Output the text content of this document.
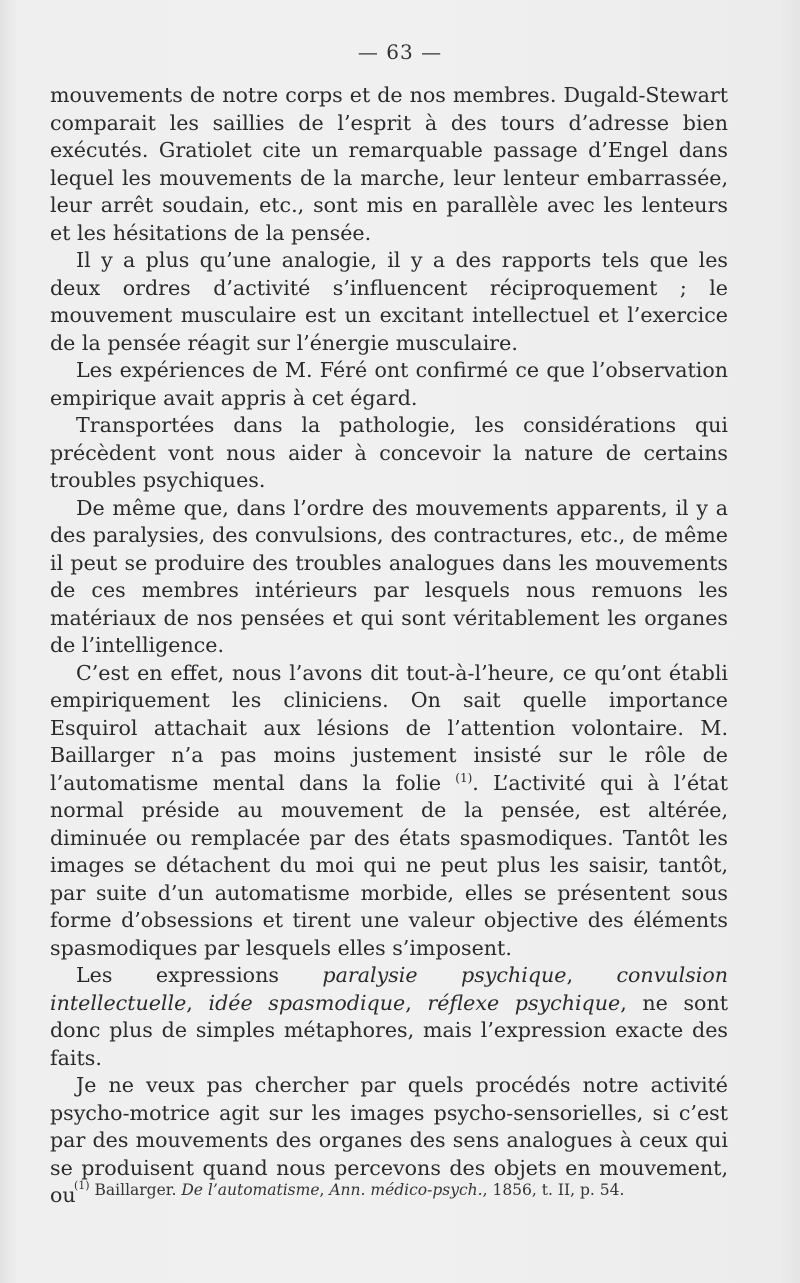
— 63 —

mouvements de notre corps et de nos membres. Dugald-Stewart comparait les saillies de l’esprit à des tours d’adresse bien exécutés. Gratiolet cite un remarquable passage d’Engel dans lequel les mouvements de la marche, leur lenteur embarrassée, leur arrêt soudain, etc., sont mis en parallèle avec les lenteurs et les hésitations de la pensée.

Il y a plus qu’une analogie, il y a des rapports tels que les deux ordres d’activité s’influencent réciproquement ; le mouvement musculaire est un excitant intellectuel et l’exercice de la pensée réagit sur l’énergie musculaire.

Les expériences de M. Féré ont confirmé ce que l’observation empirique avait appris à cet égard.

Transportées dans la pathologie, les considérations qui précèdent vont nous aider à concevoir la nature de certains troubles psychiques.

De même que, dans l’ordre des mouvements apparents, il y a des paralysies, des convulsions, des contractures, etc., de même il peut se produire des troubles analogues dans les mouvements de ces membres intérieurs par lesquels nous remuons les matériaux de nos pensées et qui sont véritablement les organes de l’intelligence.

C’est en effet, nous l’avons dit tout-à-l’heure, ce qu’ont établi empiriquement les cliniciens. On sait quelle importance Esquirol attachait aux lésions de l’attention volontaire. M. Baillarger n’a pas moins justement insisté sur le rôle de l’automatisme mental dans la folie $^{(1)}$. L’activité qui à l’état normal préside au mouvement de la pensée, est altérée, diminuée ou remplacée par des états spasmodiques. Tantôt les images se détachent du moi qui ne peut plus les saisir, tantôt, par suite d’un automatisme morbide, elles se présentent sous forme d’obsessions et tirent une valeur objective des éléments spasmodiques par lesquels elles s’imposent.

Les expressions paralysie psychique, convulsion intellectuelle, idée spasmodique, réflexe psychique, ne sont donc plus de simples métaphores, mais l’expression exacte des faits.

Je ne veux pas chercher par quels procédés notre activité psycho-motrice agit sur les images psycho-sensorielles, si c’est par des mouvements des organes des sens analogues à ceux qui se produisent quand nous percevons des objets en mouvement, ou

$^{(1)}$ Baillarger. De l’automatisme, Ann. médico-psych., 1856, t. II, p. 54.
